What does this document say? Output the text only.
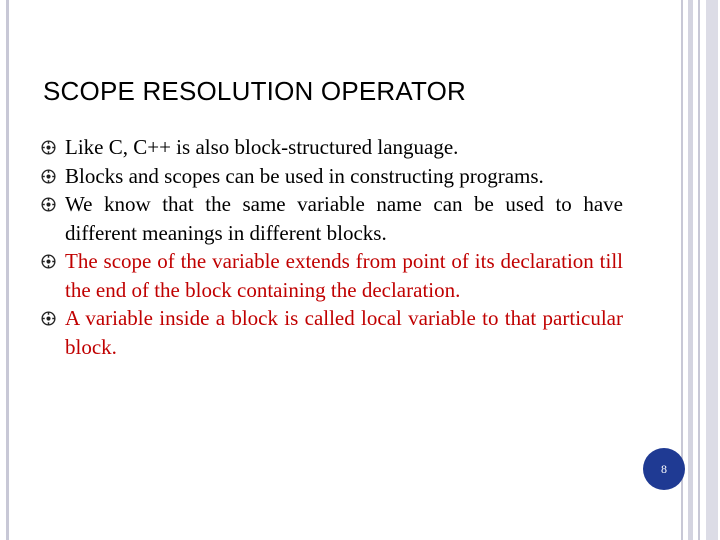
SCOPE RESOLUTION OPERATOR
Like C, C++ is also block-structured language.
Blocks and scopes can be used in constructing programs.
We know that the same variable name can be used to have different meanings in different blocks.
The scope of the variable extends from point of its declaration till the end of the block containing the declaration.
A variable inside a block is called local variable to that particular block.
8
